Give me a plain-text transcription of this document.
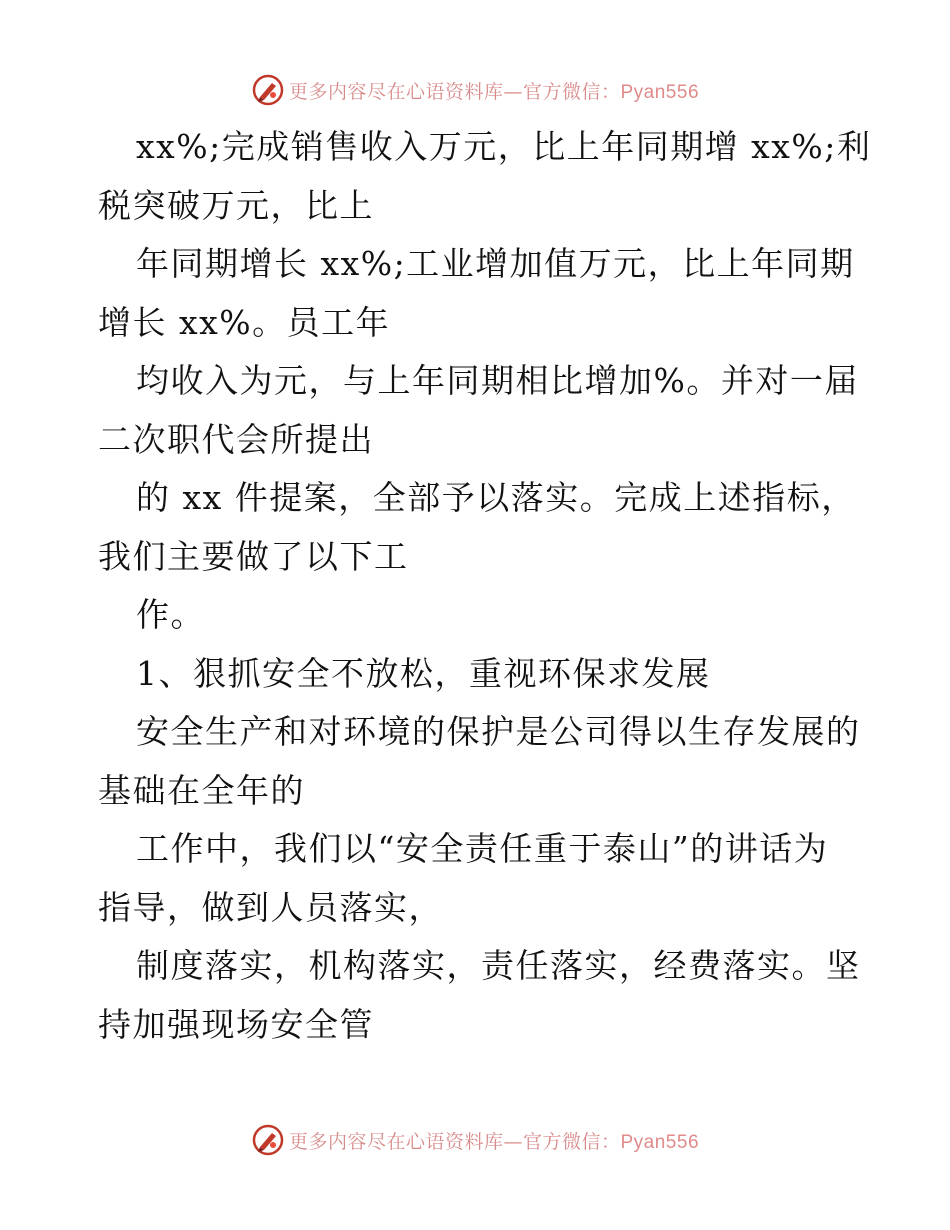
更多内容尽在心语资料库—官方微信：Pyan556
xx%;完成销售收入万元，比上年同期增 xx%;利
税突破万元，比上
年同期增长 xx%;工业增加值万元，比上年同期
增长 xx%。员工年
均收入为元，与上年同期相比增加%。并对一届
二次职代会所提出
的 xx 件提案，全部予以落实。完成上述指标，
我们主要做了以下工
作。
1、狠抓安全不放松，重视环保求发展
安全生产和对环境的保护是公司得以生存发展的
基础在全年的
工作中，我们以“安全责任重于泰山”的讲话为
指导，做到人员落实，
制度落实，机构落实，责任落实，经费落实。坚
持加强现场安全管
更多内容尽在心语资料库—官方微信：Pyan556
